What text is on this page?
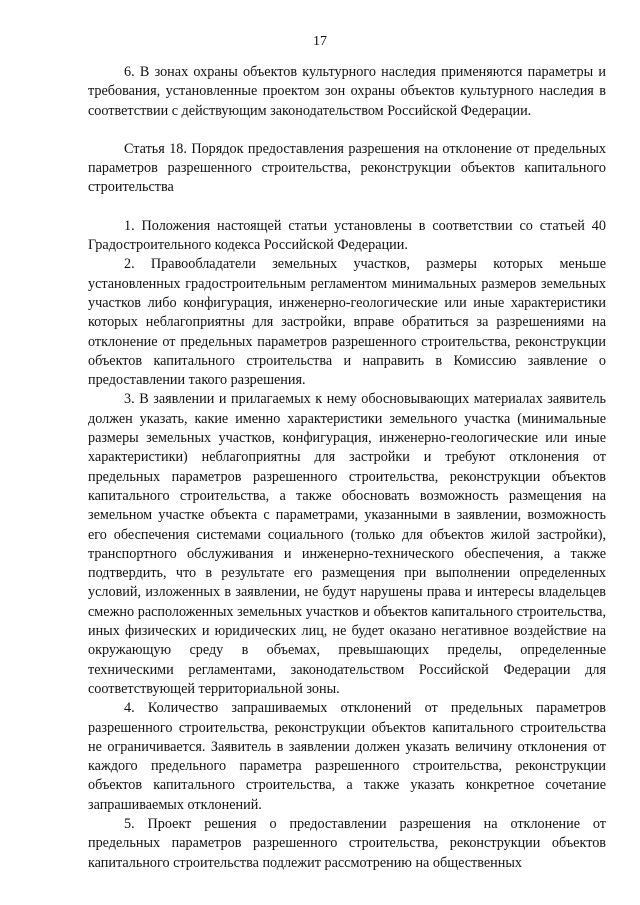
17

6. В зонах охраны объектов культурного наследия применяются параметры и требования, установленные проектом зон охраны объектов культурного наследия в соответствии с действующим законодательством Российской Федерации.

Статья 18. Порядок предоставления разрешения на отклонение от предельных параметров разрешенного строительства, реконструкции объектов капитального строительства

1. Положения настоящей статьи установлены в соответствии со статьей 40 Градостроительного кодекса Российской Федерации.

2. Правообладатели земельных участков, размеры которых меньше установленных градостроительным регламентом минимальных размеров земельных участков либо конфигурация, инженерно-геологические или иные характеристики которых неблагоприятны для застройки, вправе обратиться за разрешениями на отклонение от предельных параметров разрешенного строительства, реконструкции объектов капитального строительства и направить в Комиссию заявление о предоставлении такого разрешения.

3. В заявлении и прилагаемых к нему обосновывающих материалах заявитель должен указать, какие именно характеристики земельного участка (минимальные размеры земельных участков, конфигурация, инженерно-геологические или иные характеристики) неблагоприятны для застройки и требуют отклонения от предельных параметров разрешенного строительства, реконструкции объектов капитального строительства, а также обосновать возможность размещения на земельном участке объекта с параметрами, указанными в заявлении, возможность его обеспечения системами социального (только для объектов жилой застройки), транспортного обслуживания и инженерно-технического обеспечения, а также подтвердить, что в результате его размещения при выполнении определенных условий, изложенных в заявлении, не будут нарушены права и интересы владельцев смежно расположенных земельных участков и объектов капитального строительства, иных физических и юридических лиц, не будет оказано негативное воздействие на окружающую среду в объемах, превышающих пределы, определенные техническими регламентами, законодательством Российской Федерации для соответствующей территориальной зоны.

4. Количество запрашиваемых отклонений от предельных параметров разрешенного строительства, реконструкции объектов капитального строительства не ограничивается. Заявитель в заявлении должен указать величину отклонения от каждого предельного параметра разрешенного строительства, реконструкции объектов капитального строительства, а также указать конкретное сочетание запрашиваемых отклонений.

5. Проект решения о предоставлении разрешения на отклонение от предельных параметров разрешенного строительства, реконструкции объектов капитального строительства подлежит рассмотрению на общественных
